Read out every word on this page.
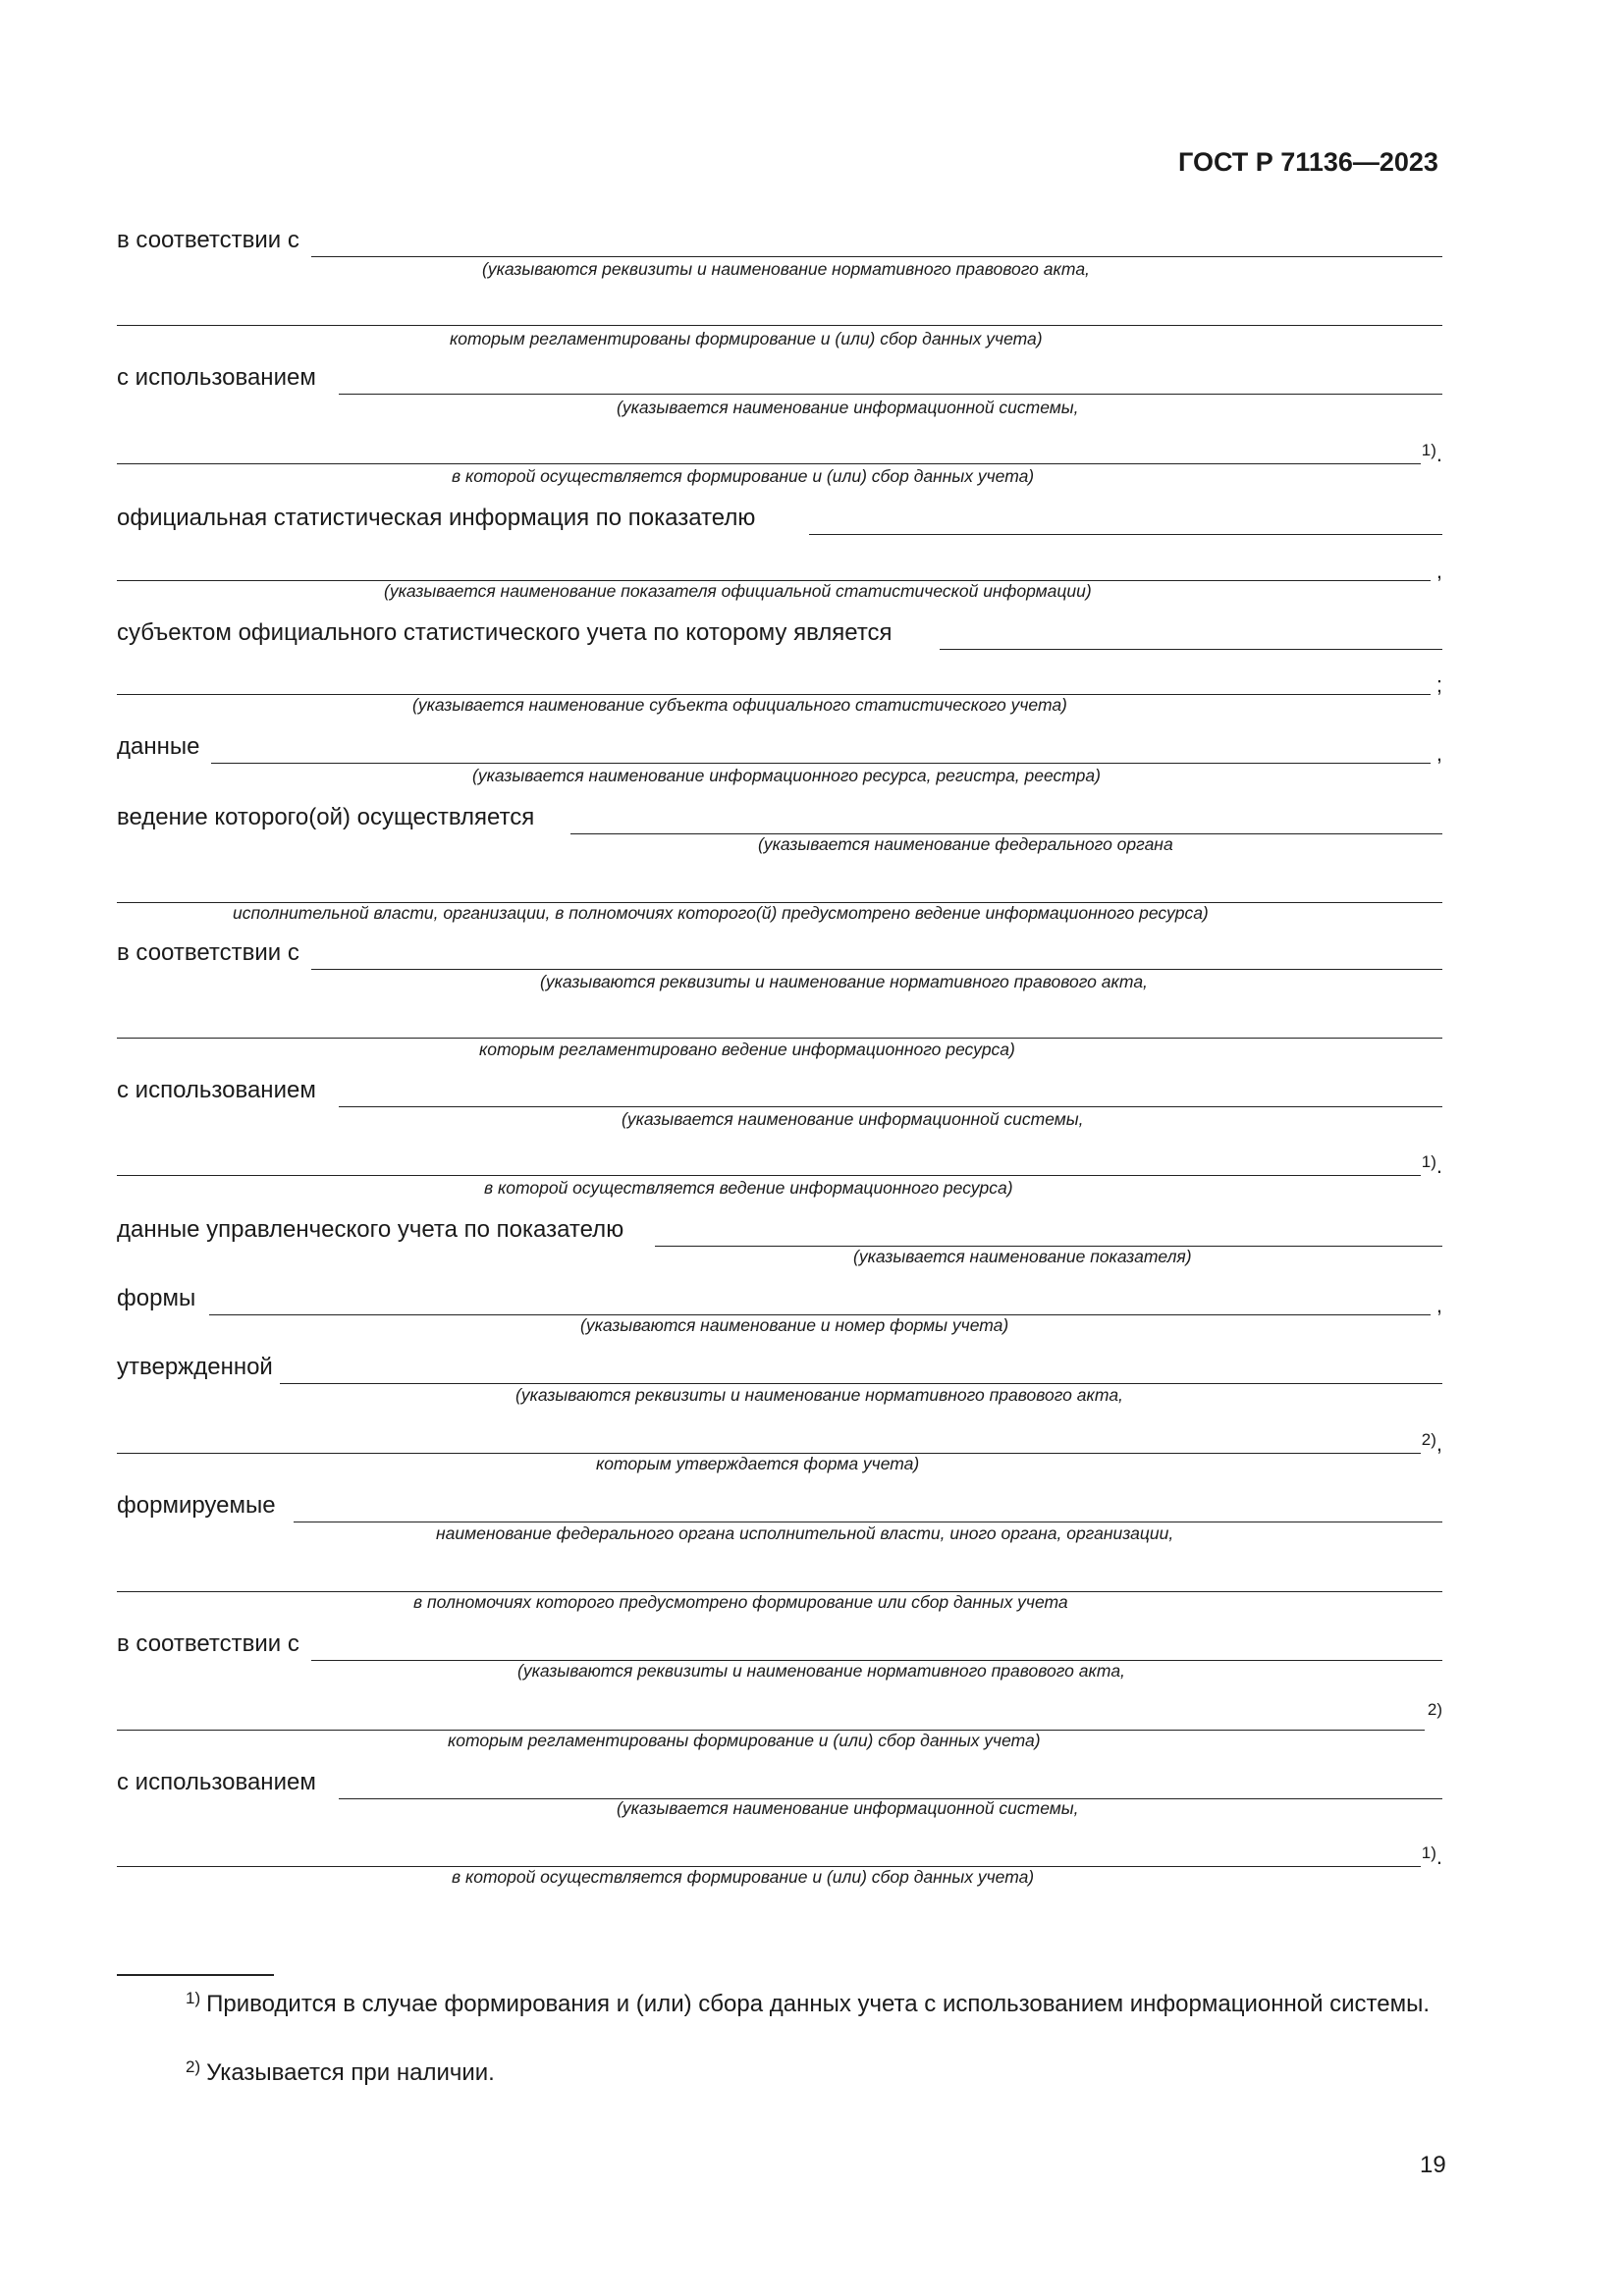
ГОСТ Р 71136—2023
в соответствии с
с использованием
$^{1)}$.
официальная статистическая информация по показателю
,
субъектом официального статистического учета по которому является
;
данные	,
ведение которого(ой) осуществляется
в соответствии с
с использованием
$^{1)}$.
данные управленческого учета по показателю
формы	,
утвержденной
$^{2)}$,
формируемые
в соответствии с
$^{2)}$
с использованием
$^{1)}$.
(указываются реквизиты и наименование нормативного правового акта,
которым регламентированы формирование и (или) сбор данных учета)
(указывается наименование информационной системы,
в которой осуществляется формирование и (или) сбор данных учета)
(указывается наименование показателя официальной статистической информации)
(указывается наименование субъекта официального статистического учета)
(указывается наименование информационного ресурса, регистра, реестра)
(указывается наименование федерального органа
исполнительной власти, организации, в полномочиях которого(й) предусмотрено ведение информационного ресурса)
(указываются реквизиты и наименование нормативного правового акта,
которым регламентировано ведение информационного ресурса)
(указывается наименование информационной системы,
в которой осуществляется ведение информационного ресурса)
(указывается наименование показателя)
(указываются наименование и номер формы учета)
(указываются реквизиты и наименование нормативного правового акта,
которым утверждается форма учета)
наименование федерального органа исполнительной власти, иного органа, организации,
в полномочиях которого предусмотрено формирование или сбор данных учета
(указываются реквизиты и наименование нормативного правового акта,
которым регламентированы формирование и (или) сбор данных учета)
(указывается наименование информационной системы,
в которой осуществляется формирование и (или) сбор данных учета)
$^{1)}$ Приводится в случае формирования и (или) сбора данных учета с использованием информационной системы.
$^{2)}$ Указывается при наличии.
19
